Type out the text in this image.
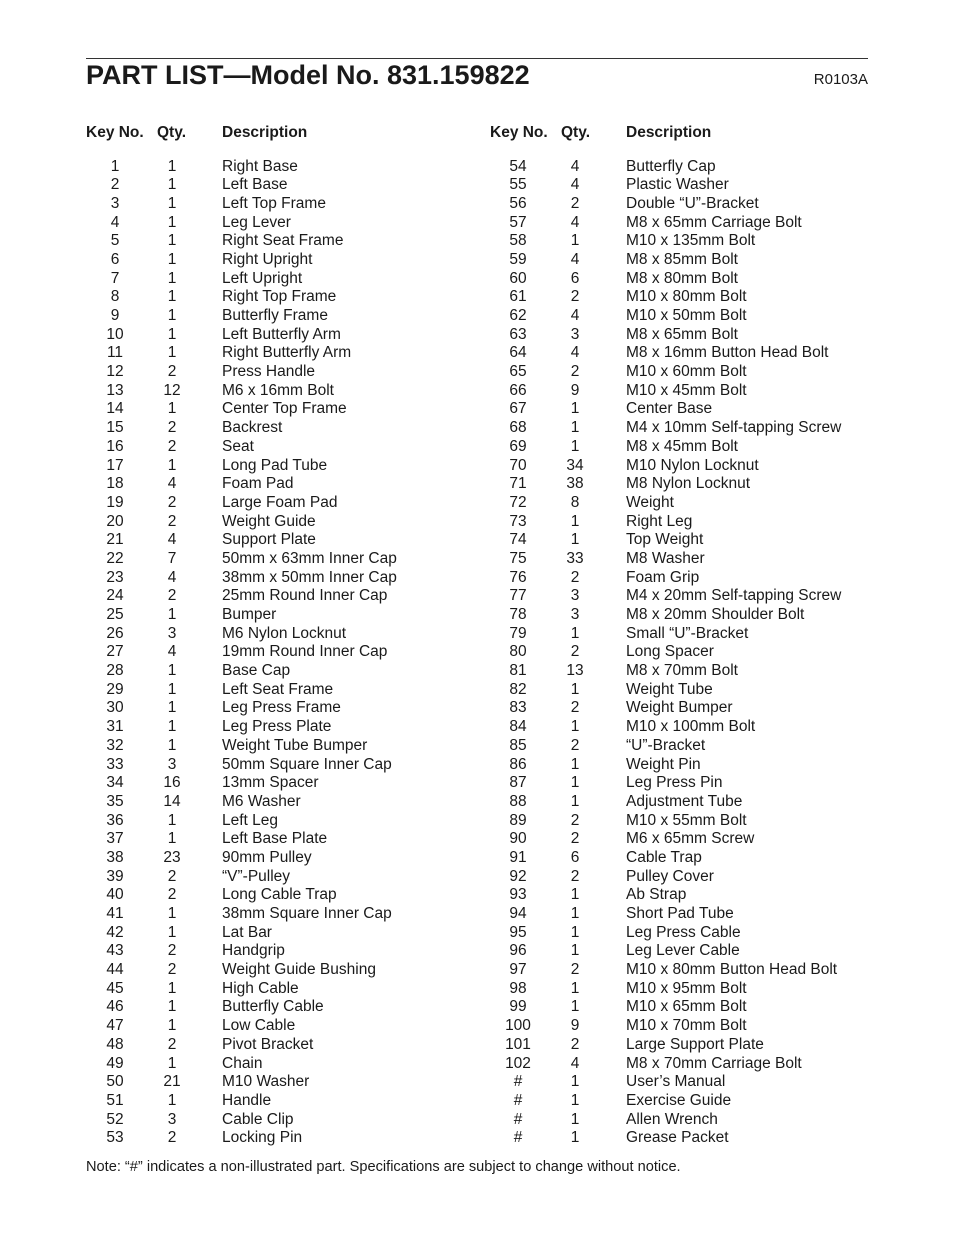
PART LIST—Model No. 831.159822	R0103A
Key No. Qty. Description
1	1	Right Base
2	1	Left Base
3	1	Left Top Frame
4	1	Leg Lever
5	1	Right Seat Frame
6	1	Right Upright
7	1	Left Upright
8	1	Right Top Frame
9	1	Butterfly Frame
10	1	Left Butterfly Arm
11	1	Right Butterfly Arm
12	2	Press Handle
13	12	M6 x 16mm Bolt
14	1	Center Top Frame
15	2	Backrest
16	2	Seat
17	1	Long Pad Tube
18	4	Foam Pad
19	2	Large Foam Pad
20	2	Weight Guide
21	4	Support Plate
22	7	50mm x 63mm Inner Cap
23	4	38mm x 50mm Inner Cap
24	2	25mm Round Inner Cap
25	1	Bumper
26	3	M6 Nylon Locknut
27	4	19mm Round Inner Cap
28	1	Base Cap
29	1	Left Seat Frame
30	1	Leg Press Frame
31	1	Leg Press Plate
32	1	Weight Tube Bumper
33	3	50mm Square Inner Cap
34	16	13mm Spacer
35	14	M6 Washer
36	1	Left Leg
37	1	Left Base Plate
38	23	90mm Pulley
39	2	“V”-Pulley
40	2	Long Cable Trap
41	1	38mm Square Inner Cap
42	1	Lat Bar
43	2	Handgrip
44	2	Weight Guide Bushing
45	1	High Cable
46	1	Butterfly Cable
47	1	Low Cable
48	2	Pivot Bracket
49	1	Chain
50	21	M10 Washer
51	1	Handle
52	3	Cable Clip
53	2	Locking Pin
Key No. Qty. Description
54	4	Butterfly Cap
55	4	Plastic Washer
56	2	Double “U”-Bracket
57	4	M8 x 65mm Carriage Bolt
58	1	M10 x 135mm Bolt
59	4	M8 x 85mm Bolt
60	6	M8 x 80mm Bolt
61	2	M10 x 80mm Bolt
62	4	M10 x 50mm Bolt
63	3	M8 x 65mm Bolt
64	4	M8 x 16mm Button Head Bolt
65	2	M10 x 60mm Bolt
66	9	M10 x 45mm Bolt
67	1	Center Base
68	1	M4 x 10mm Self-tapping Screw
69	1	M8 x 45mm Bolt
70	34	M10 Nylon Locknut
71	38	M8 Nylon Locknut
72	8	Weight
73	1	Right Leg
74	1	Top Weight
75	33	M8 Washer
76	2	Foam Grip
77	3	M4 x 20mm Self-tapping Screw
78	3	M8 x 20mm Shoulder Bolt
79	1	Small “U”-Bracket
80	2	Long Spacer
81	13	M8 x 70mm Bolt
82	1	Weight Tube
83	2	Weight Bumper
84	1	M10 x 100mm Bolt
85	2	“U”-Bracket
86	1	Weight Pin
87	1	Leg Press Pin
88	1	Adjustment Tube
89	2	M10 x 55mm Bolt
90	2	M6 x 65mm Screw
91	6	Cable Trap
92	2	Pulley Cover
93	1	Ab Strap
94	1	Short Pad Tube
95	1	Leg Press Cable
96	1	Leg Lever Cable
97	2	M10 x 80mm Button Head Bolt
98	1	M10 x 95mm Bolt
99	1	M10 x 65mm Bolt
100	9	M10 x 70mm Bolt
101	2	Large Support Plate
102	4	M8 x 70mm Carriage Bolt
#	1	User’s Manual
#	1	Exercise Guide
#	1	Allen Wrench
#	1	Grease Packet
Note: “#” indicates a non-illustrated part. Specifications are subject to change without notice.
